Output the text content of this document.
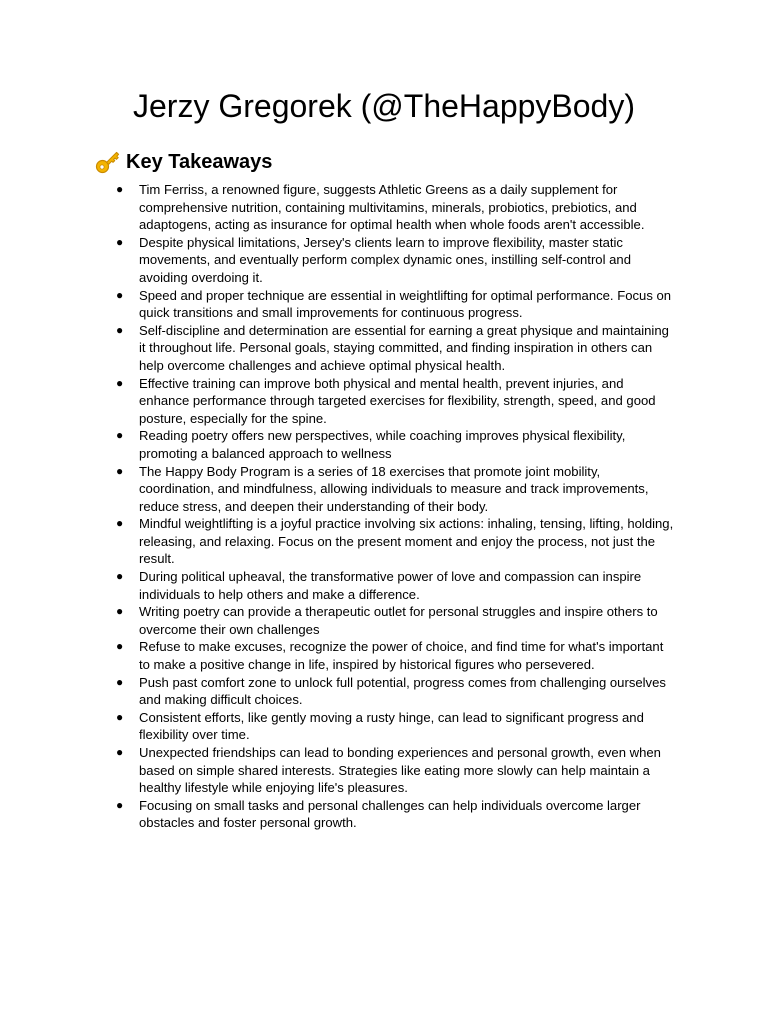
Jerzy Gregorek (@TheHappyBody)
Key Takeaways
● Tim Ferriss, a renowned figure, suggests Athletic Greens as a daily supplement for comprehensive nutrition, containing multivitamins, minerals, probiotics, prebiotics, and adaptogens, acting as insurance for optimal health when whole foods aren't accessible.
● Despite physical limitations, Jersey's clients learn to improve flexibility, master static movements, and eventually perform complex dynamic ones, instilling self-control and avoiding overdoing it.
● Speed and proper technique are essential in weightlifting for optimal performance. Focus on quick transitions and small improvements for continuous progress.
● Self-discipline and determination are essential for earning a great physique and maintaining it throughout life. Personal goals, staying committed, and finding inspiration in others can help overcome challenges and achieve optimal physical health.
● Effective training can improve both physical and mental health, prevent injuries, and enhance performance through targeted exercises for flexibility, strength, speed, and good posture, especially for the spine.
● Reading poetry offers new perspectives, while coaching improves physical flexibility, promoting a balanced approach to wellness
● The Happy Body Program is a series of 18 exercises that promote joint mobility, coordination, and mindfulness, allowing individuals to measure and track improvements, reduce stress, and deepen their understanding of their body.
● Mindful weightlifting is a joyful practice involving six actions: inhaling, tensing, lifting, holding, releasing, and relaxing. Focus on the present moment and enjoy the process, not just the result.
● During political upheaval, the transformative power of love and compassion can inspire individuals to help others and make a difference.
● Writing poetry can provide a therapeutic outlet for personal struggles and inspire others to overcome their own challenges
● Refuse to make excuses, recognize the power of choice, and find time for what's important to make a positive change in life, inspired by historical figures who persevered.
● Push past comfort zone to unlock full potential, progress comes from challenging ourselves and making difficult choices.
● Consistent efforts, like gently moving a rusty hinge, can lead to significant progress and flexibility over time.
● Unexpected friendships can lead to bonding experiences and personal growth, even when based on simple shared interests. Strategies like eating more slowly can help maintain a healthy lifestyle while enjoying life's pleasures.
● Focusing on small tasks and personal challenges can help individuals overcome larger obstacles and foster personal growth.
